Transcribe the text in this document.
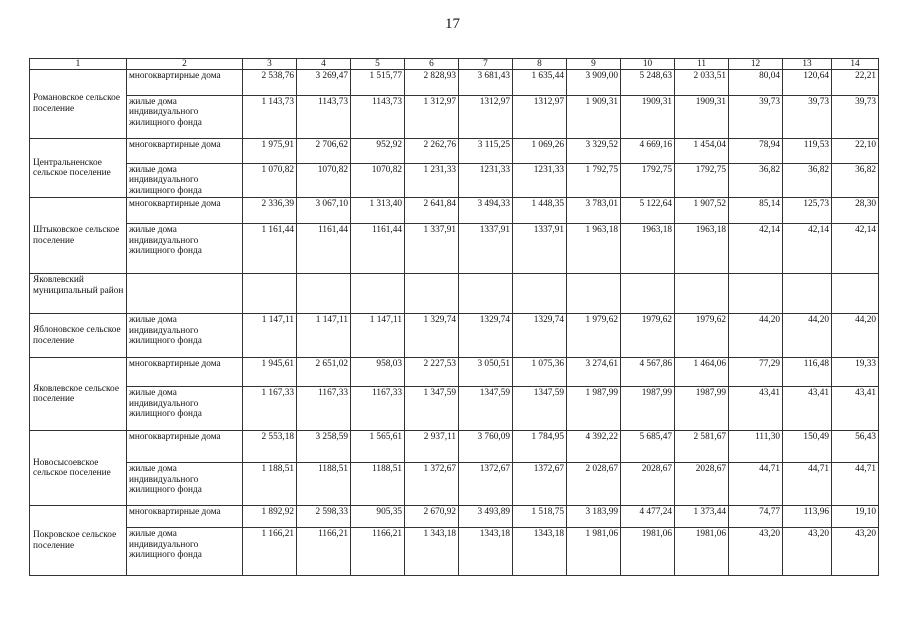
17
1	2	3	4	5	6	7	8	9	10	11	12	13	14
Романовское сельское поселение	многоквартирные дома	2 538,76	3 269,47	1 515,77	2 828,93	3 681,43	1 635,44	3 909,00	5 248,63	2 033,51	80,04	120,64	22,21
	жилые дома индивидуального жилищного фонда	1 143,73	1143,73	1143,73	1 312,97	1312,97	1312,97	1 909,31	1909,31	1909,31	39,73	39,73	39,73
Центральненское сельское поселение	многоквартирные дома	1 975,91	2 706,62	952,92	2 262,76	3 115,25	1 069,26	3 329,52	4 669,16	1 454,04	78,94	119,53	22,10
	жилые дома индивидуального жилищного фонда	1 070,82	1070,82	1070,82	1 231,33	1231,33	1231,33	1 792,75	1792,75	1792,75	36,82	36,82	36,82
Штыковское сельское поселение	многоквартирные дома	2 336,39	3 067,10	1 313,40	2 641,84	3 494,33	1 448,35	3 783,01	5 122,64	1 907,52	85,14	125,73	28,30
	жилые дома индивидуального жилищного фонда	1 161,44	1161,44	1161,44	1 337,91	1337,91	1337,91	1 963,18	1963,18	1963,18	42,14	42,14	42,14
Яковлевский муниципальный район													
Яблоновское сельское поселение	жилые дома индивидуального жилищного фонда	1 147,11	1 147,11	1 147,11	1 329,74	1329,74	1329,74	1 979,62	1979,62	1979,62	44,20	44,20	44,20
Яковлевское сельское поселение	многоквартирные дома	1 945,61	2 651,02	958,03	2 227,53	3 050,51	1 075,36	3 274,61	4 567,86	1 464,06	77,29	116,48	19,33
	жилые дома индивидуального жилищного фонда	1 167,33	1167,33	1167,33	1 347,59	1347,59	1347,59	1 987,99	1987,99	1987,99	43,41	43,41	43,41
Новосысоевское сельское поселение	многоквартирные дома	2 553,18	3 258,59	1 565,61	2 937,11	3 760,09	1 784,95	4 392,22	5 685,47	2 581,67	111,30	150,49	56,43
	жилые дома индивидуального жилищного фонда	1 188,51	1188,51	1188,51	1 372,67	1372,67	1372,67	2 028,67	2028,67	2028,67	44,71	44,71	44,71
Покровское сельское поселение	многоквартирные дома	1 892,92	2 598,33	905,35	2 670,92	3 493,89	1 518,75	3 183,99	4 477,24	1 373,44	74,77	113,96	19,10
	жилые дома индивидуального жилищного фонда	1 166,21	1166,21	1166,21	1 343,18	1343,18	1343,18	1 981,06	1981,06	1981,06	43,20	43,20	43,20
